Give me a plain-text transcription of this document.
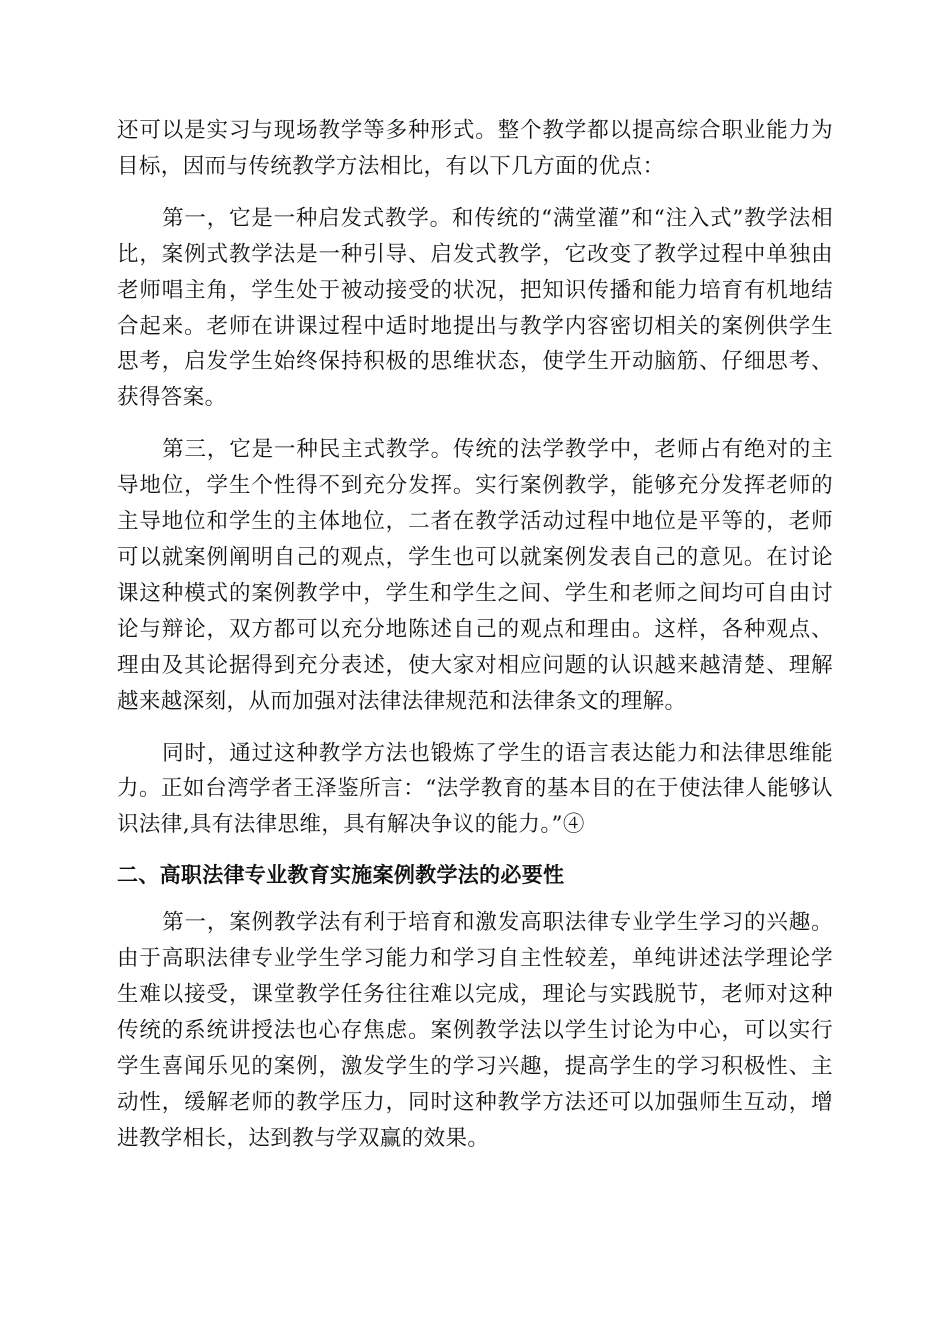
还可以是实习与现场教学等多种形式。整个教学都以提高综合职业能力为目标，因而与传统教学方法相比，有以下几方面的优点：

第一，它是一种启发式教学。和传统的“满堂灌”和“注入式”教学法相比，案例式教学法是一种引导、启发式教学，它改变了教学过程中单独由老师唱主角，学生处于被动接受的状况，把知识传播和能力培育有机地结合起来。老师在讲课过程中适时地提出与教学内容密切相关的案例供学生思考，启发学生始终保持积极的思维状态，使学生开动脑筋、仔细思考、获得答案。

第三，它是一种民主式教学。传统的法学教学中，老师占有绝对的主导地位，学生个性得不到充分发挥。实行案例教学，能够充分发挥老师的主导地位和学生的主体地位，二者在教学活动过程中地位是平等的，老师可以就案例阐明自己的观点，学生也可以就案例发表自己的意见。在讨论课这种模式的案例教学中，学生和学生之间、学生和老师之间均可自由讨论与辩论，双方都可以充分地陈述自己的观点和理由。这样，各种观点、理由及其论据得到充分表述，使大家对相应问题的认识越来越清楚、理解越来越深刻，从而加强对法律法律规范和法律条文的理解。

同时，通过这种教学方法也锻炼了学生的语言表达能力和法律思维能力。正如台湾学者王泽鉴所言：“法学教育的基本目的在于使法律人能够认识法律,具有法律思维，具有解决争议的能力。”④

二、高职法律专业教育实施案例教学法的必要性

第一，案例教学法有利于培育和激发高职法律专业学生学习的兴趣。由于高职法律专业学生学习能力和学习自主性较差，单纯讲述法学理论学生难以接受，课堂教学任务往往难以完成，理论与实践脱节，老师对这种传统的系统讲授法也心存焦虑。案例教学法以学生讨论为中心，可以实行学生喜闻乐见的案例，激发学生的学习兴趣，提高学生的学习积极性、主动性，缓解老师的教学压力，同时这种教学方法还可以加强师生互动，增进教学相长，达到教与学双赢的效果。
